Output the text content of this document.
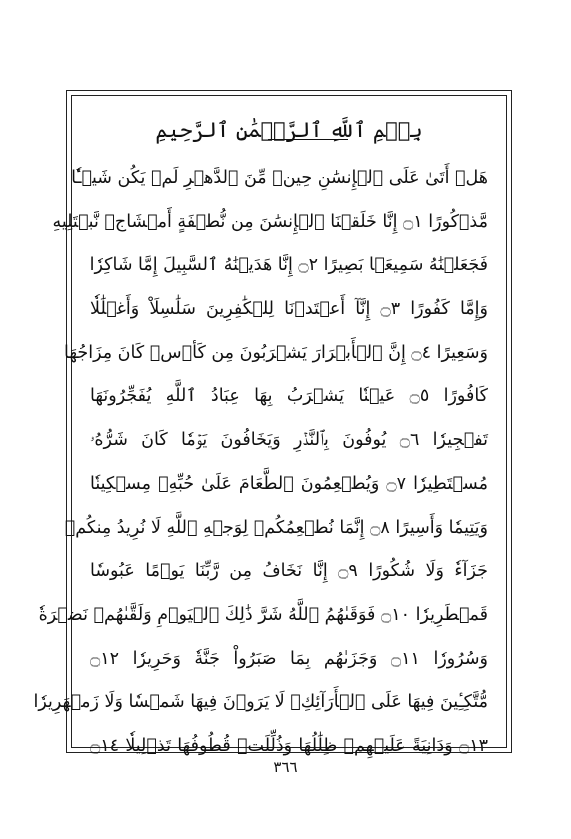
بِسۡمِ ٱللَّهِ ٱلرَّحۡمَٰنِ ٱلرَّحِيمِ
هَلۡ أَتَىٰ عَلَى ٱلۡإِنسَٰنِ حِينٞ مِّنَ ٱلدَّهۡرِ لَمۡ يَكُن شَيۡـٔٗا
مَّذۡكُورًا ۝١ إِنَّا خَلَقۡنَا ٱلۡإِنسَٰنَ مِن نُّطۡفَةٍ أَمۡشَاجٖ نَّبۡتَلِيهِ
فَجَعَلۡنَٰهُ سَمِيعَۢا بَصِيرًا ۝٢ إِنَّا هَدَيۡنَٰهُ ٱلسَّبِيلَ إِمَّا شَاكِرٗا
وَإِمَّا كَفُورًا ۝٣ إِنَّآ أَعۡتَدۡنَا لِلۡكَٰفِرِينَ سَلَٰسِلَاْ وَأَغۡلَٰلٗا
وَسَعِيرًا ۝٤ إِنَّ ٱلۡأَبۡرَارَ يَشۡرَبُونَ مِن كَأۡسٖ كَانَ مِزَاجُهَا
كَافُورًا ۝٥ عَيۡنٗا يَشۡرَبُ بِهَا عِبَادُ ٱللَّهِ يُفَجِّرُونَهَا
تَفۡجِيرٗا ۝٦ يُوفُونَ بِٱلنَّذۡرِ وَيَخَافُونَ يَوۡمٗا كَانَ شَرُّهُۥ
مُسۡتَطِيرٗا ۝٧ وَيُطۡعِمُونَ ٱلطَّعَامَ عَلَىٰ حُبِّهِۦ مِسۡكِينٗا
وَيَتِيمٗا وَأَسِيرًا ۝٨ إِنَّمَا نُطۡعِمُكُمۡ لِوَجۡهِ ٱللَّهِ لَا نُرِيدُ مِنكُمۡ
جَزَآءٗ وَلَا شُكُورًا ۝٩ إِنَّا نَخَافُ مِن رَّبِّنَا يَوۡمًا عَبُوسٗا
قَمۡطَرِيرٗا ۝١٠ فَوَقَىٰهُمُ ٱللَّهُ شَرَّ ذَٰلِكَ ٱلۡيَوۡمِ وَلَقَّىٰهُمۡ نَضۡرَةٗ
وَسُرُورٗا ۝١١ وَجَزَىٰهُم بِمَا صَبَرُواْ جَنَّةٗ وَحَرِيرٗا ۝١٢
مُّتَّكِـِٔينَ فِيهَا عَلَى ٱلۡأَرَآئِكِۖ لَا يَرَوۡنَ فِيهَا شَمۡسٗا وَلَا زَمۡهَرِيرٗا
۝١٣ وَدَانِيَةً عَلَيۡهِمۡ ظِلَٰلُهَا وَذُلِّلَتۡ قُطُوفُهَا تَذۡلِيلٗا ۝١٤
٣٦٦
